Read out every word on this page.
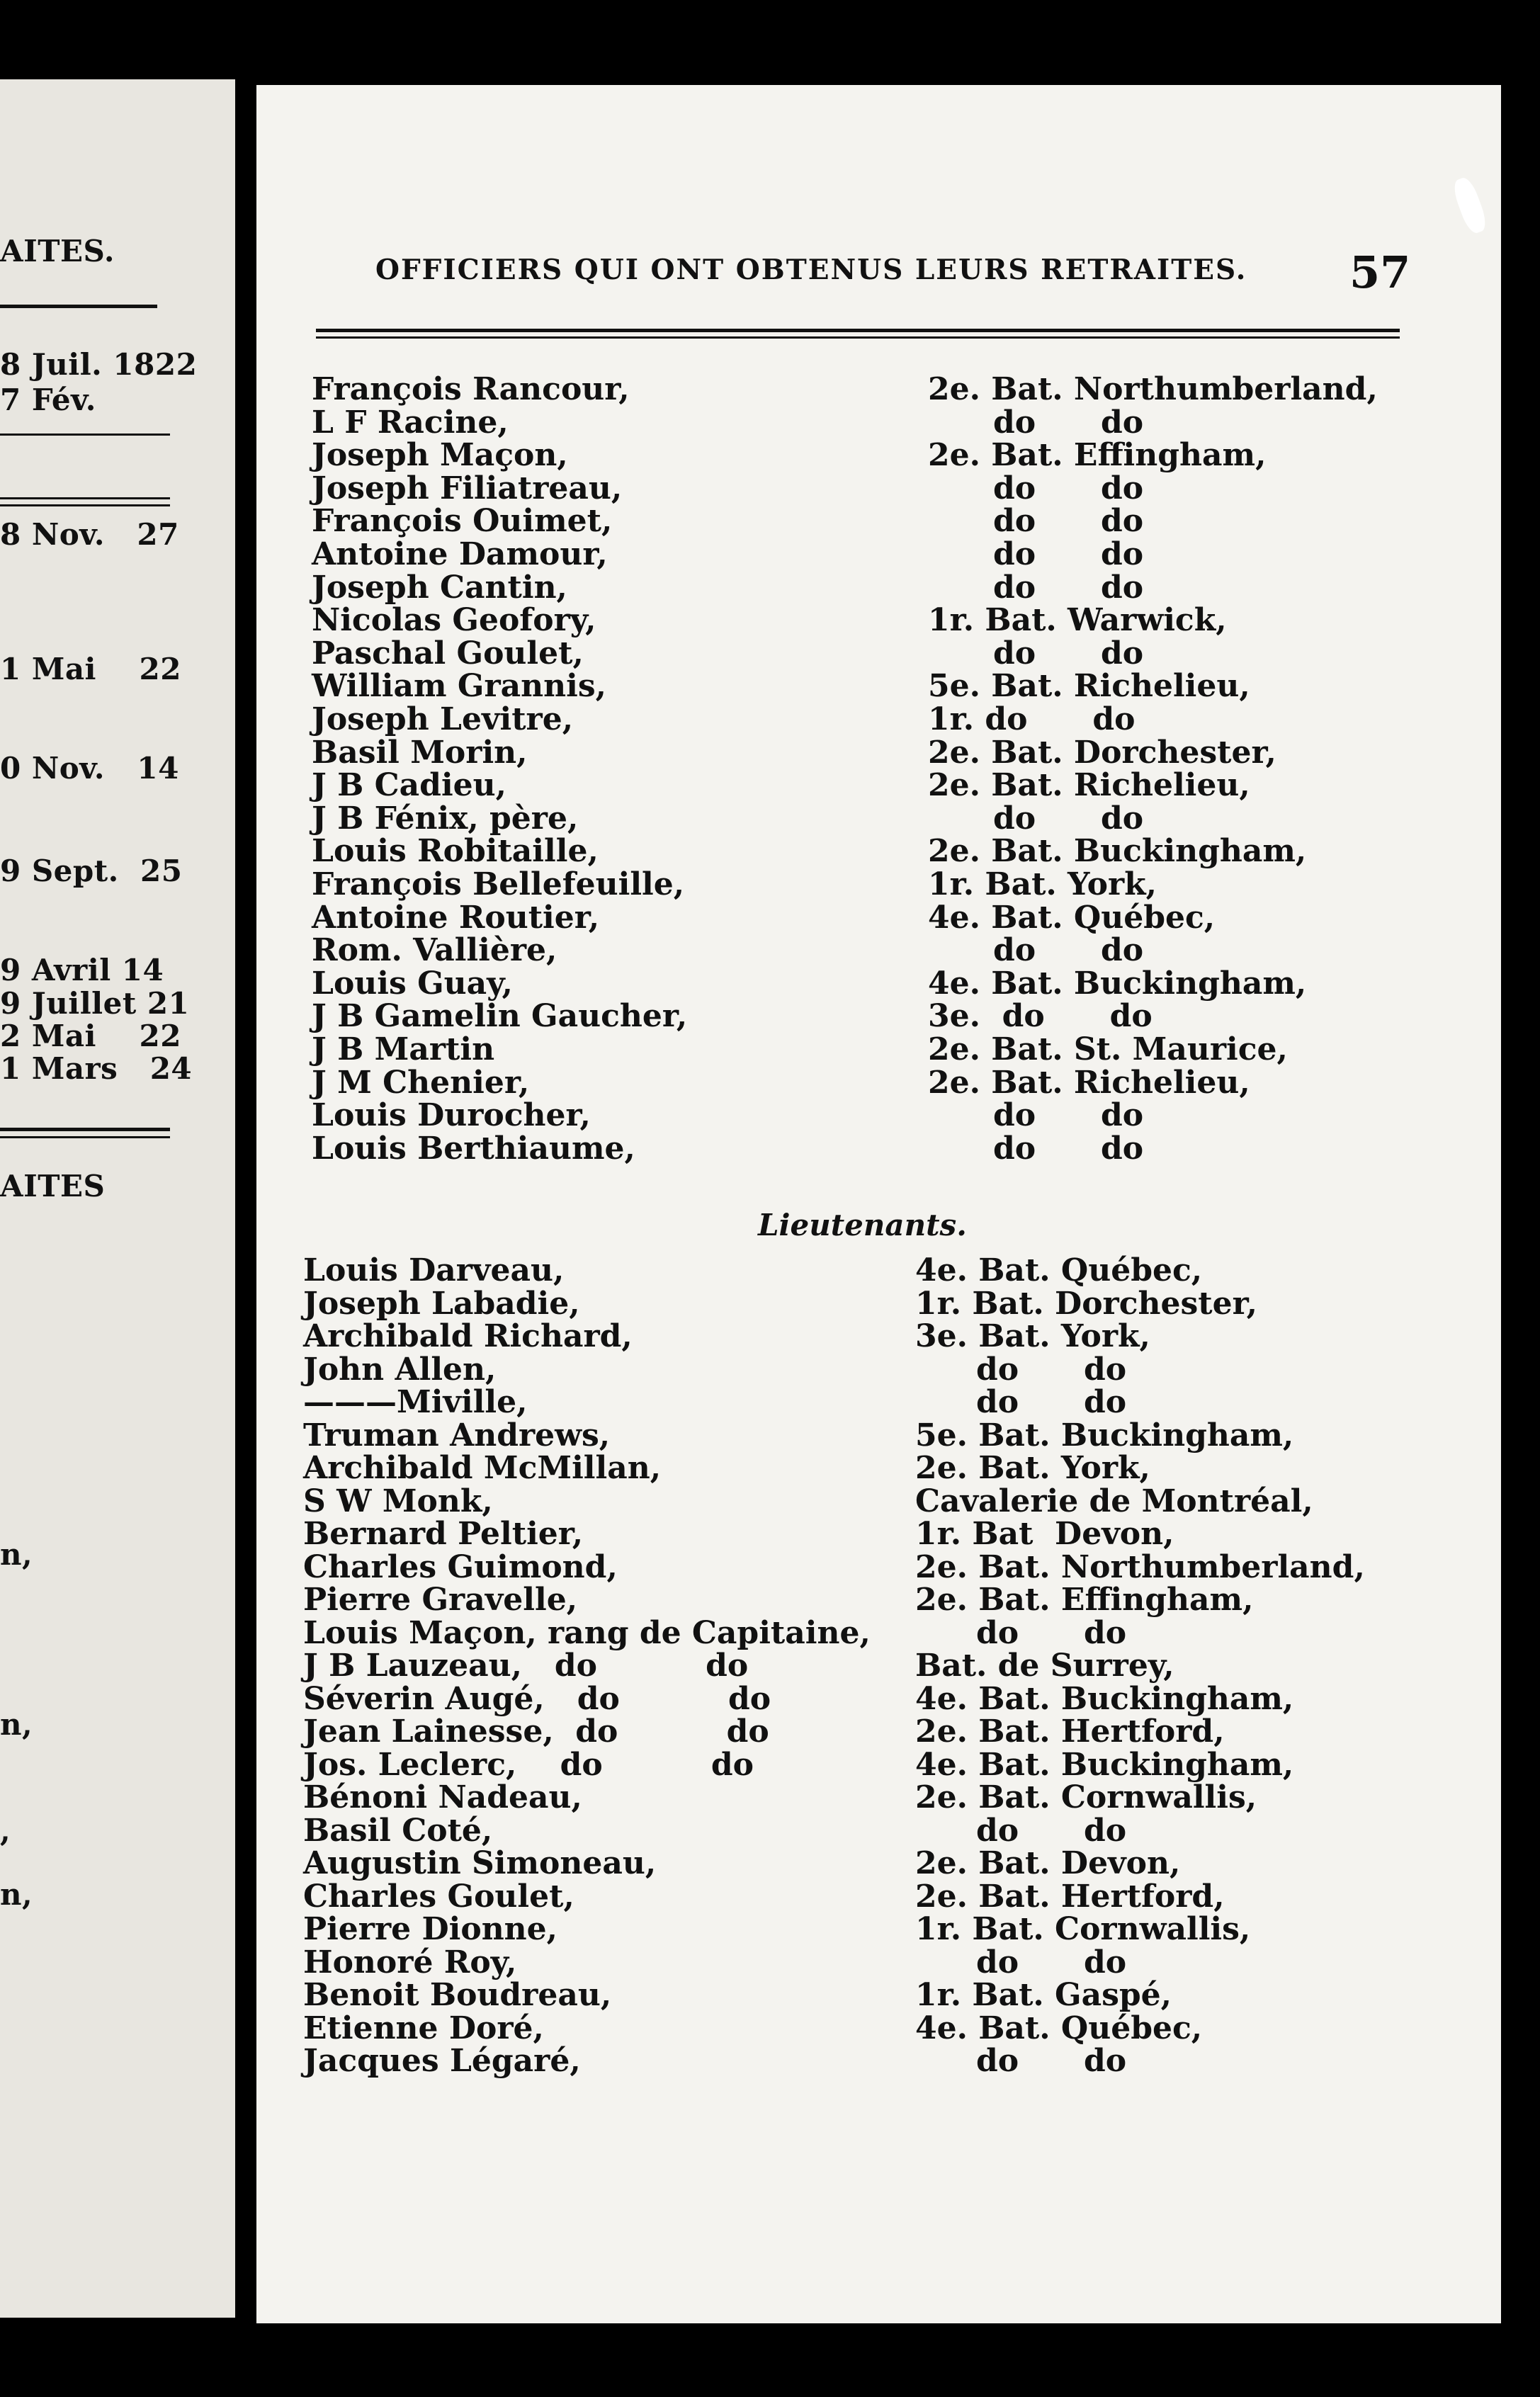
AITES.
8 Juil. 1822
7 Fév.
8 Nov.   27
1 Mai    22
0 Nov.   14
9 Sept.  25
9 Avril 14
9 Juillet 21
2 Mai    22
1 Mars   24
AITES
n,
n,
,
n,
OFFICIERS QUI ONT OBTENUS LEURS RETRAITES. 57
François Rancour,	2e. Bat. Northumberland,
L F Racine,	do      do
Joseph Maçon,	2e. Bat. Effingham,
Joseph Filiatreau,	do      do
François Ouimet,	do      do
Antoine Damour,	do      do
Joseph Cantin,	do      do
Nicolas Geofory,	1r. Bat. Warwick,
Paschal Goulet,	do      do
William Grannis,	5e. Bat. Richelieu,
Joseph Levitre,	1r. do      do
Basil Morin,	2e. Bat. Dorchester,
J B Cadieu,	2e. Bat. Richelieu,
J B Fénix, père,	do      do
Louis Robitaille,	2e. Bat. Buckingham,
François Bellefeuille,	1r. Bat. York,
Antoine Routier,	4e. Bat. Québec,
Rom. Vallière,	do      do
Louis Guay,	4e. Bat. Buckingham,
J B Gamelin Gaucher,	3e.  do      do
J B Martin	2e. Bat. St. Maurice,
J M Chenier,	2e. Bat. Richelieu,
Louis Durocher,	do      do
Louis Berthiaume,	do      do
Lieutenants.
Louis Darveau,	4e. Bat. Québec,
Joseph Labadie,	1r. Bat. Dorchester,
Archibald Richard,	3e. Bat. York,
John Allen,	do      do
———Miville,	do      do
Truman Andrews,	5e. Bat. Buckingham,
Archibald McMillan,	2e. Bat. York,
S W Monk,	Cavalerie de Montréal,
Bernard Peltier,	1r. Bat  Devon,
Charles Guimond,	2e. Bat. Northumberland,
Pierre Gravelle,	2e. Bat. Effingham,
Louis Maçon, rang de Capitaine,	do      do
J B Lauzeau,   do          do	Bat. de Surrey,
Séverin Augé,   do          do	4e. Bat. Buckingham,
Jean Lainesse,  do          do	2e. Bat. Hertford,
Jos. Leclerc,    do          do	4e. Bat. Buckingham,
Bénoni Nadeau,	2e. Bat. Cornwallis,
Basil Coté,	do      do
Augustin Simoneau,	2e. Bat. Devon,
Charles Goulet,	2e. Bat. Hertford,
Pierre Dionne,	1r. Bat. Cornwallis,
Honoré Roy,	do      do
Benoit Boudreau,	1r. Bat. Gaspé,
Etienne Doré,	4e. Bat. Québec,
Jacques Légaré,	do      do
